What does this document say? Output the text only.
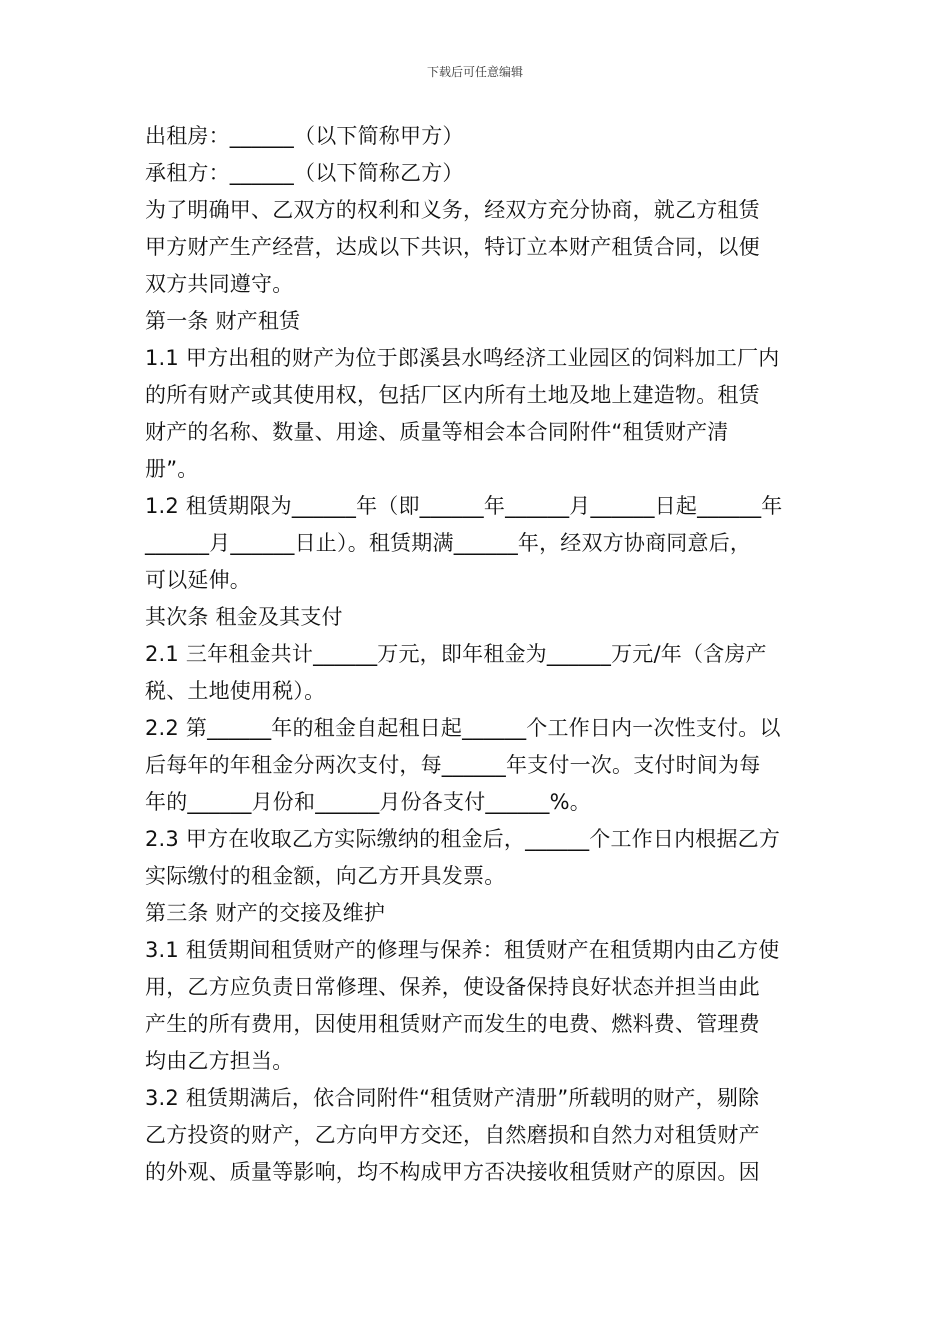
下载后可任意编辑
出租房：______（以下简称甲方）
承租方：______（以下简称乙方）
为了明确甲、乙双方的权利和义务，经双方充分协商，就乙方租赁
甲方财产生产经营，达成以下共识，特订立本财产租赁合同，以便
双方共同遵守。
第一条 财产租赁
1.1 甲方出租的财产为位于郎溪县水鸣经济工业园区的饲料加工厂内
的所有财产或其使用权，包括厂区内所有土地及地上建造物。租赁
财产的名称、数量、用途、质量等相会本合同附件“租赁财产清
册”。
1.2 租赁期限为______年（即______年______月______日起______年
______月______日止）。租赁期满______年，经双方协商同意后，
可以延伸。
其次条 租金及其支付
2.1 三年租金共计______万元，即年租金为______万元/年（含房产
税、土地使用税）。
2.2 第______年的租金自起租日起______个工作日内一次性支付。以
后每年的年租金分两次支付，每______年支付一次。支付时间为每
年的______月份和______月份各支付______%。
2.3 甲方在收取乙方实际缴纳的租金后，______个工作日内根据乙方
实际缴付的租金额，向乙方开具发票。
第三条 财产的交接及维护
3.1 租赁期间租赁财产的修理与保养：租赁财产在租赁期内由乙方使
用，乙方应负责日常修理、保养，使设备保持良好状态并担当由此
产生的所有费用，因使用租赁财产而发生的电费、燃料费、管理费
均由乙方担当。
3.2 租赁期满后，依合同附件“租赁财产清册”所载明的财产，剔除
乙方投资的财产，乙方向甲方交还，自然磨损和自然力对租赁财产
的外观、质量等影响，均不构成甲方否决接收租赁财产的原因。因
